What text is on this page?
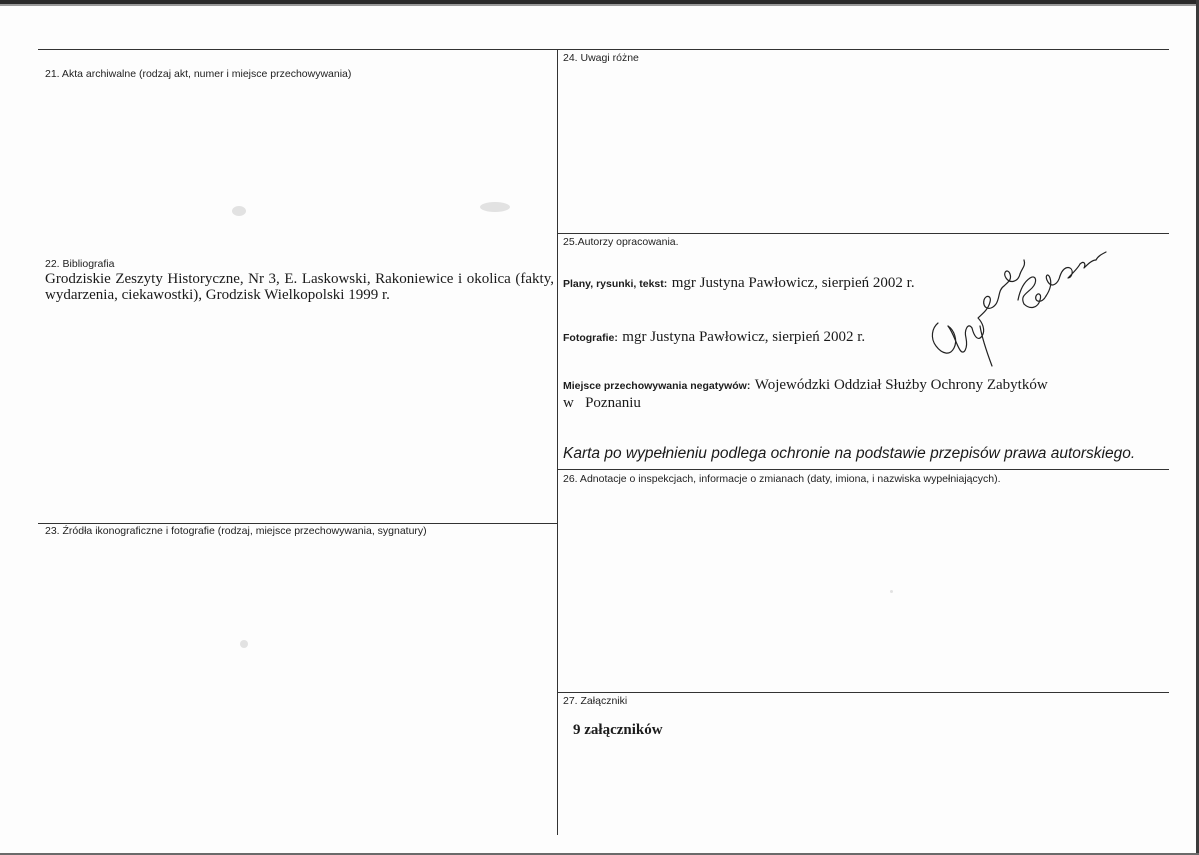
21. Akta archiwalne (rodzaj akt, numer i miejsce przechowywania)
22. Bibliografia
Grodziskie Zeszyty Historyczne, Nr 3, E. Laskowski, Rakoniewice i okolica (fakty, wydarzenia, ciekawostki), Grodzisk Wielkopolski 1999 r.
23. Źródła ikonograficzne i fotografie (rodzaj, miejsce przechowywania, sygnatury)
24. Uwagi różne
25.Autorzy opracowania.
Plany, rysunki, tekst: mgr Justyna Pawłowicz, sierpień 2002 r.
Fotografie: mgr Justyna Pawłowicz, sierpień 2002 r.
Miejsce przechowywania negatywów: Wojewódzki Oddział Służby Ochrony Zabytków
w   Poznaniu
Karta po wypełnieniu podlega ochronie na podstawie przepisów prawa autorskiego.
26. Adnotacje o inspekcjach, informacje o zmianach (daty, imiona, i nazwiska wypełniających).
27. Załączniki
9 załączników
